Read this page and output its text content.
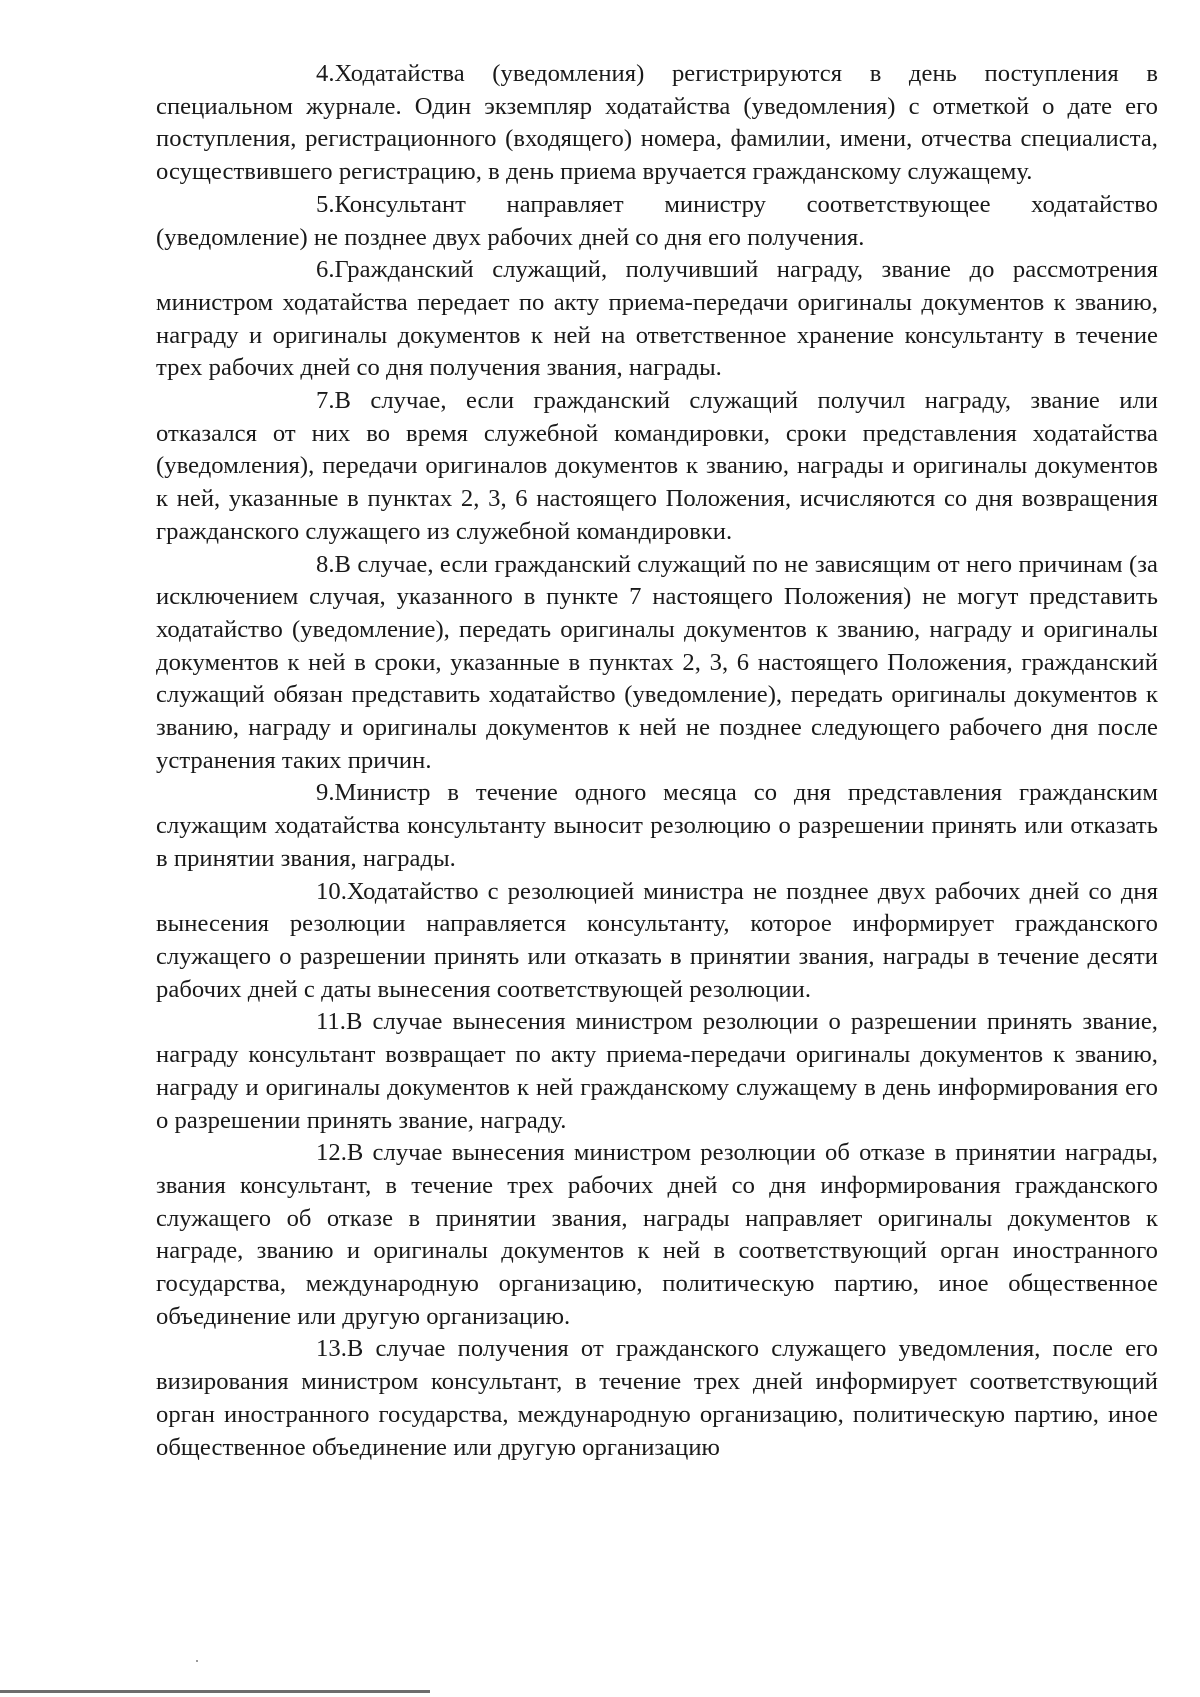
4.Ходатайства (уведомления) регистрируются в день поступления в специальном журнале. Один экземпляр ходатайства (уведомления) с отметкой о дате его поступления, регистрационного (входящего) номера, фамилии, имени, отчества специалиста, осуществившего регистрацию, в день приема вручается гражданскому служащему.

5.Консультант направляет министру соответствующее ходатайство (уведомление) не позднее двух рабочих дней со дня его получения.

6.Гражданский служащий, получивший награду, звание до рассмотрения министром ходатайства передает по акту приема-передачи оригиналы документов к званию, награду и оригиналы документов к ней на ответственное хранение консультанту в течение трех рабочих дней со дня получения звания, награды.

7.В случае, если гражданский служащий получил награду, звание или отказался от них во время служебной командировки, сроки представления ходатайства (уведомления), передачи оригиналов документов к званию, награды и оригиналы документов к ней, указанные в пунктах 2, 3, 6 настоящего Положения, исчисляются со дня возвращения гражданского служащего из служебной командировки.

8.В случае, если гражданский служащий по не зависящим от него причинам (за исключением случая, указанного в пункте 7 настоящего Положения) не могут представить ходатайство (уведомление), передать оригиналы документов к званию, награду и оригиналы документов к ней в сроки, указанные в пунктах 2, 3, 6 настоящего Положения, гражданский служащий обязан представить ходатайство (уведомление), передать оригиналы документов к званию, награду и оригиналы документов к ней не позднее следующего рабочего дня после устранения таких причин.

9.Министр в течение одного месяца со дня представления гражданским служащим ходатайства консультанту выносит резолюцию о разрешении принять или отказать в принятии звания, награды.

10.Ходатайство с резолюцией министра не позднее двух рабочих дней со дня вынесения резолюции направляется консультанту, которое информирует гражданского служащего о разрешении принять или отказать в принятии звания, награды в течение десяти рабочих дней с даты вынесения соответствующей резолюции.

11.В случае вынесения министром резолюции о разрешении принять звание, награду консультант возвращает по акту приема-передачи оригиналы документов к званию, награду и оригиналы документов к ней гражданскому служащему в день информирования его о разрешении принять звание, награду.

12.В случае вынесения министром резолюции об отказе в принятии награды, звания консультант, в течение трех рабочих дней со дня информирования гражданского служащего об отказе в принятии звания, награды направляет оригиналы документов к награде, званию и оригиналы документов к ней в соответствующий орган иностранного государства, международную организацию, политическую партию, иное общественное объединение или другую организацию.

13.В случае получения от гражданского служащего уведомления, после его визирования министром консультант, в течение трех дней информирует соответствующий орган иностранного государства, международную организацию, политическую партию, иное общественное объединение или другую организацию
